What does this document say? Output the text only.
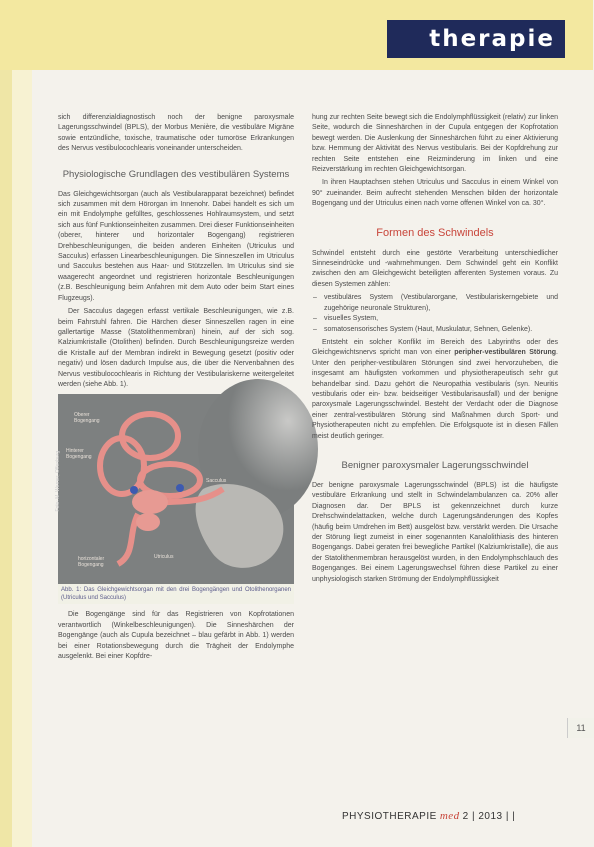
therapie

sich differenzialdiagnostisch noch der benigne paroxysmale Lagerungsschwindel (BPLS), der Morbus Menière, die vestibuläre Migräne sowie entzündliche, toxische, traumatische oder tumoröse Erkrankungen des Nervus vestibulocochlearis voneinander unterscheiden.

Physiologische Grundlagen des vestibulären Systems

Das Gleichgewichtsorgan (auch als Vestibularapparat bezeichnet) befindet sich zusammen mit dem Hörorgan im Innenohr. Dabei handelt es sich um ein mit Endolymphe gefülltes, geschlossenes Hohlraumsystem, und setzt sich aus fünf Funktionseinheiten zusammen. Drei dieser Funktionseinheiten (oberer, hinterer und horizontaler Bogengang) registrieren Drehbeschleunigungen, die beiden anderen Einheiten (Utriculus und Sacculus) erfassen Linearbeschleunigungen. Die Sinneszellen im Utriculus und Sacculus bestehen aus Haar- und Stützzellen. Im Utriculus sind sie waagerecht angeordnet und registrieren horizontale Beschleunigungen (z.B. Beschleunigung beim Anfahren mit dem Auto oder beim Start eines Flugzeugs).

Der Sacculus dagegen erfasst vertikale Beschleunigungen, wie z.B. beim Fahrstuhl fahren. Die Härchen dieser Sinneszellen ragen in eine gallertartige Masse (Statolithenmembran) hinein, auf der sich sog. Kalziumkristalle (Otolithen) befinden. Durch Beschleunigungsreize werden die Kristalle auf der Membran indirekt in Bewegung gesetzt (positiv oder negativ) und lösen dadurch Impulse aus, die über die Nervenbahnen des Nervus vestibulocochlearis in Richtung der Vestibulariskerne weitergeleitet werden (siehe Abb. 1).

Oberer Bogengang
Hinterer Bogengang
Sacculus
horizontaler Bogengang
Utriculus
Foto: M. Werner, Offenburg
Abb. 1: Das Gleichgewichtsorgan mit den drei Bogengängen und Otolithenorganen (Utriculus und Sacculus)

Die Bogengänge sind für das Registrieren von Kopfrotationen verantwortlich (Winkelbeschleunigungen). Die Sinneshärchen der Bogengänge (auch als Cupula bezeichnet – blau gefärbt in Abb. 1) werden bei einer Rotationsbewegung durch die Trägheit der Endolymphe ausgelenkt. Bei einer Kopfdre-

hung zur rechten Seite bewegt sich die Endolymphflüssigkeit (relativ) zur linken Seite, wodurch die Sinneshärchen in der Cupula entgegen der Kopfrotation bewegt werden. Die Auslenkung der Sinneshärchen führt zu einer Aktivierung bzw. Hemmung der Aktivität des Nervus vestibularis. Bei der Kopfdrehung zur rechten Seite entstehen eine Reizminderung im linken und eine Reizverstärkung im rechten Gleichgewichtsorgan.

In ihren Hauptachsen stehen Utriculus und Sacculus in einem Winkel von 90° zueinander. Beim aufrecht stehenden Menschen bilden der horizontale Bogengang und der Utriculus einen nach vorne offenen Winkel von ca. 30°.

Formen des Schwindels

Schwindel entsteht durch eine gestörte Verarbeitung unterschiedlicher Sinneseindrücke und -wahrnehmungen. Dem Schwindel geht ein Konflikt zwischen den am Gleichgewicht beteiligten afferenten Systemen voraus. Zu diesen Systemen zählen:

– vestibuläres System (Vestibularorgane, Vestibulariskerngebiete und zugehörige neuronale Strukturen),
– visuelles System,
– somatosensorisches System (Haut, Muskulatur, Sehnen, Gelenke).

Entsteht ein solcher Konflikt im Bereich des Labyrinths oder des Gleichgewichtsnervs spricht man von einer peripher-vestibulären Störung. Unter den peripher-vestibulären Störungen sind zwei hervorzuheben, die insgesamt am häufigsten vorkommen und physiotherapeutisch sehr gut behandelbar sind. Dazu gehört die Neuropathia vestibularis (syn. Neuritis vestibularis oder ein- bzw. beidseitiger Vestibularisausfall) und der benigne paroxysmale Lagerungsschwindel. Besteht der Verdacht oder die Diagnose einer zentral-vestibulären Störung sind Maßnahmen durch Sport- und Physiotherapeuten nicht zu empfehlen. Die Erfolgsquote ist in diesen Fällen meist deutlich geringer.

Benigner paroxysmaler Lagerungsschwindel

Der benigne paroxysmale Lagerungsschwindel (BPLS) ist die häufigste vestibuläre Erkrankung und stellt in Schwindelambulanzen ca. 20% aller Diagnosen dar. Der BPLS ist gekennzeichnet durch kurze Drehschwindelattacken, welche durch Lagerungsänderungen des Kopfes (häufig beim Umdrehen im Bett) ausgelöst bzw. verstärkt werden. Die Ursache der Störung liegt zumeist in einer sogenannten Kanalolithiasis des hinteren Bogengangs. Dabei geraten frei bewegliche Partikel (Kalziumkristalle), die aus der Statolithenmembran herausgelöst wurden, in den Endolymphschlauch des Bogenganges. Bei einem Lagerungswechsel führen diese Partikel zu einer unphysiologisch starken Strömung der Endolymphflüssigkeit

11
PHYSIOTHERAPIE med 2 | 2013 | |
